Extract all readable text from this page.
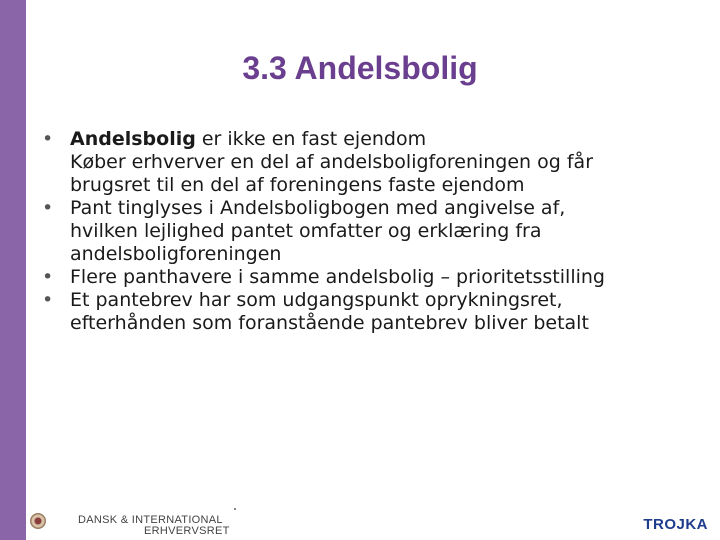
3.3 Andelsbolig
• Andelsbolig er ikke en fast ejendom
Køber erhverver en del af andelsboligforeningen og får
brugsret til en del af foreningens faste ejendom
• Pant tinglyses i Andelsboligbogen med angivelse af,
hvilken lejlighed pantet omfatter og erklæring fra
andelsboligforeningen
• Flere panthavere i samme andelsbolig – prioritetsstilling
• Et pantebrev har som udgangspunkt oprykningsret,
efterhånden som foranstående pantebrev bliver betalt
DANSK & INTERNATIONAL
ERHVERVSRET	TROJKA
